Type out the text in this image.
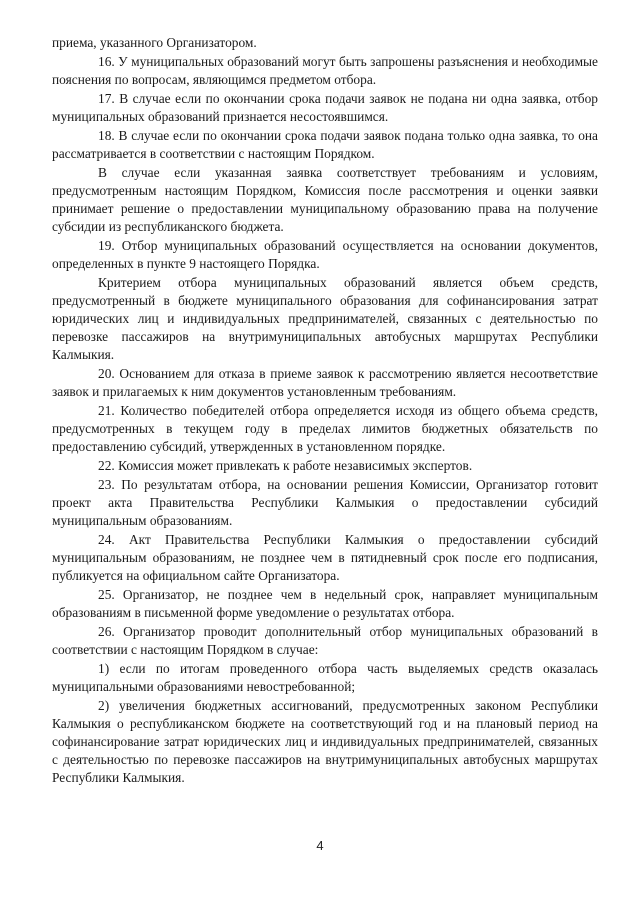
приема, указанного Организатором.

16. У муниципальных образований могут быть запрошены разъяснения и необходимые пояснения по вопросам, являющимся предметом отбора.

17. В случае если по окончании срока подачи заявок не подана ни одна заявка, отбор муниципальных образований признается несостоявшимся.

18. В случае если по окончании срока подачи заявок подана только одна заявка, то она рассматривается в соответствии с настоящим Порядком.

В случае если указанная заявка соответствует требованиям и условиям, предусмотренным настоящим Порядком, Комиссия после рассмотрения и оценки заявки принимает решение о предоставлении муниципальному образованию права на получение субсидии из республиканского бюджета.

19. Отбор муниципальных образований осуществляется на основании документов, определенных в пункте 9 настоящего Порядка.

Критерием отбора муниципальных образований является объем средств, предусмотренный в бюджете муниципального образования для софинансирования затрат юридических лиц и индивидуальных предпринимателей, связанных с деятельностью по перевозке пассажиров на внутримуниципальных автобусных маршрутах Республики Калмыкия.

20. Основанием для отказа в приеме заявок к рассмотрению является несоответствие заявок и прилагаемых к ним документов установленным требованиям.

21. Количество победителей отбора определяется исходя из общего объема средств, предусмотренных в текущем году в пределах лимитов бюджетных обязательств по предоставлению субсидий, утвержденных в установленном порядке.

22. Комиссия может привлекать к работе независимых экспертов.

23. По результатам отбора, на основании решения Комиссии, Организатор готовит проект акта Правительства Республики Калмыкия о предоставлении субсидий муниципальным образованиям.

24. Акт Правительства Республики Калмыкия о предоставлении субсидий муниципальным образованиям, не позднее чем в пятидневный срок после его подписания, публикуется на официальном сайте Организатора.

25. Организатор, не позднее чем в недельный срок, направляет муниципальным образованиям в письменной форме уведомление о результатах отбора.

26. Организатор проводит дополнительный отбор муниципальных образований в соответствии с настоящим Порядком в случае:

1) если по итогам проведенного отбора часть выделяемых средств оказалась муниципальными образованиями невостребованной;

2) увеличения бюджетных ассигнований, предусмотренных законом Республики Калмыкия о республиканском бюджете на соответствующий год и на плановый период на софинансирование затрат юридических лиц и индивидуальных предпринимателей, связанных с деятельностью по перевозке пассажиров на внутримуниципальных автобусных маршрутах Республики Калмыкия.

4
